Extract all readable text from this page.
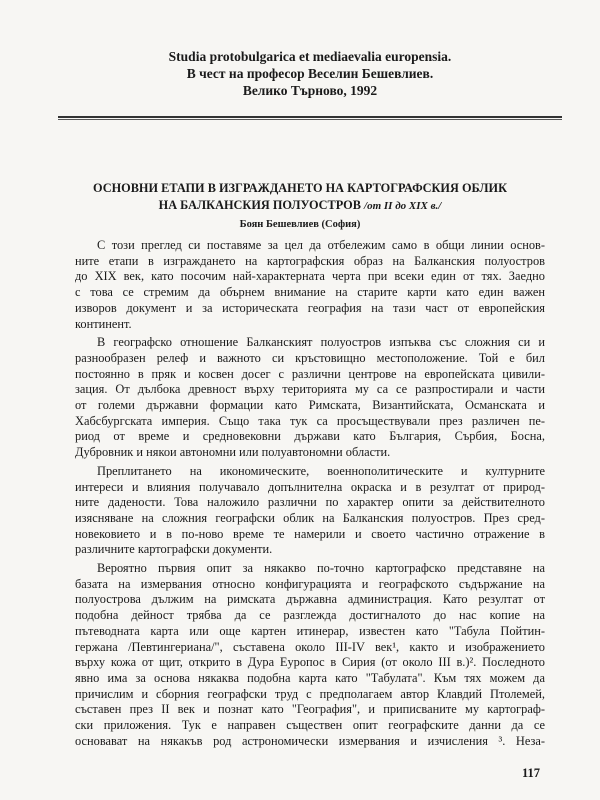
Studia protobulgarica et mediaevalia europensia.
В чест на професор Веселин Бешевлиев.
Велико Търново, 1992
ОСНОВНИ ЕТАПИ В ИЗГРАЖДАНЕТО НА КАРТОГРАФСКИЯ ОБЛИК
НА БАЛКАНСКИЯ ПОЛУОСТРОВ /от II до XIX в./
Боян Бешевлиев (София)
С този преглед си поставяме за цел да отбележим само в общи линии основ-
ните етапи в изграждането на картографския образ на Балканския полуостров
до XIX век, като посочим най-характерната черта при всеки един от тях. Заедно
с това се стремим да обърнем внимание на старите карти като един важен
изворов документ и за историческата география на тази част от европейския
континент.
В географско отношение Балканският полуостров изпъква със сложния си и
разнообразен релеф и важното си кръстовищно местоположение. Той е бил
постоянно в пряк и косвен досег с различни центрове на европейската цивили-
зация. От дълбока древност върху територията му са се разпростирали и части
от големи държавни формации като Римската, Византийската, Османската и
Хабсбургската империя. Също така тук са просъществували през различен пе-
риод от време и средновековни държави като България, Сърбия, Босна,
Дубровник и някои автономни или полуавтономни области.
Преплитането на икономическите, военнополитическите и културните
интереси и влияния получавало допълнителна окраска и в резултат от природ-
ните дадености. Това наложило различни по характер опити за действителното
изясняване на сложния географски облик на Балканския полуостров. През сред-
новековието и в по-ново време те намерили и своето частично отражение в
различните картографски документи.
Вероятно първия опит за някакво по-точно картографско представяне на
базата на измервания относно конфигурацията и географското съдържание на
полуострова дължим на римската държавна администрация. Като резултат от
подобна дейност трябва да се разглежда достигналото до нас копие на
пътеводната карта или още картен итинерар, известен като "Табула Пойтин-
гержана /Певтингериана/", съставена около III-IV век¹, както и изображението
върху кожа от щит, открито в Дура Еуропос в Сирия (от около III в.)². Последното
явно има за основа някаква подобна карта като "Табулата". Към тях можем да
причислим и сборния географски труд с предполагаем автор Клавдий Птолемей,
съставен през II век и познат като "География", и приписваните му картограф-
ски приложения. Тук е направен съществен опит географските данни да се
основават на някакъв род астрономически измервания и изчисления ³. Неза-
117
